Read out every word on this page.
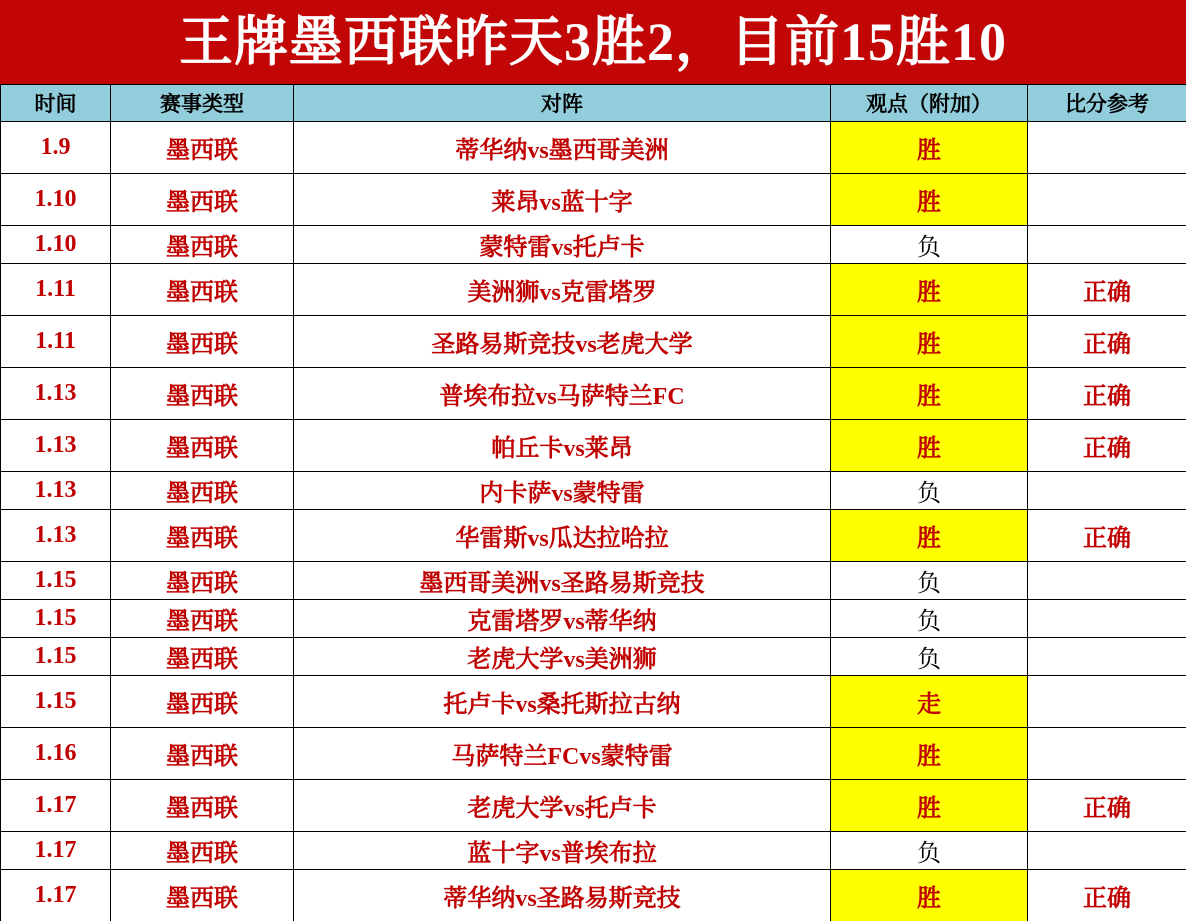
王牌墨西联昨天3胜2，目前15胜10
时间	赛事类型	对阵	观点（附加）	比分参考
1.9	墨西联	蒂华纳vs墨西哥美洲	胜	
1.10	墨西联	莱昂vs蓝十字	胜	
1.10	墨西联	蒙特雷vs托卢卡	负	
1.11	墨西联	美洲狮vs克雷塔罗	胜	正确
1.11	墨西联	圣路易斯竞技vs老虎大学	胜	正确
1.13	墨西联	普埃布拉vs马萨特兰FC	胜	正确
1.13	墨西联	帕丘卡vs莱昂	胜	正确
1.13	墨西联	内卡萨vs蒙特雷	负	
1.13	墨西联	华雷斯vs瓜达拉哈拉	胜	正确
1.15	墨西联	墨西哥美洲vs圣路易斯竞技	负	
1.15	墨西联	克雷塔罗vs蒂华纳	负	
1.15	墨西联	老虎大学vs美洲狮	负	
1.15	墨西联	托卢卡vs桑托斯拉古纳	走	
1.16	墨西联	马萨特兰FCvs蒙特雷	胜	
1.17	墨西联	老虎大学vs托卢卡	胜	正确
1.17	墨西联	蓝十字vs普埃布拉	负	
1.17	墨西联	蒂华纳vs圣路易斯竞技	胜	正确
